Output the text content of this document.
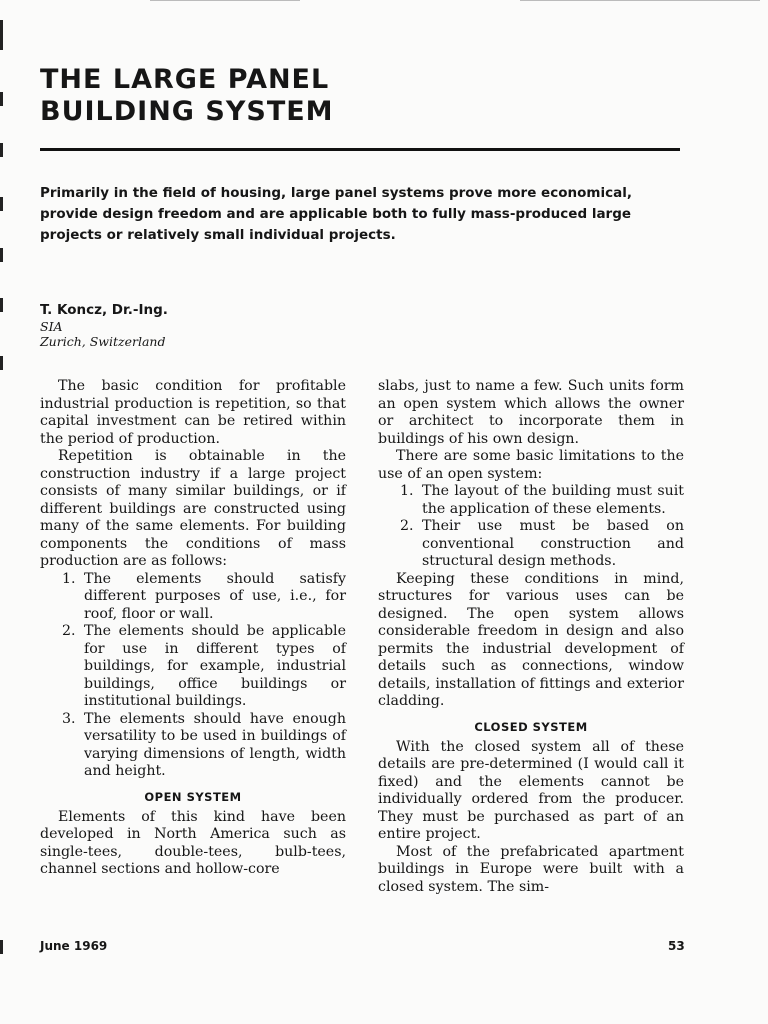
THE LARGE PANEL
BUILDING SYSTEM
Primarily in the field of housing, large panel systems prove more economical, provide design freedom and are applicable both to fully mass-produced large projects or relatively small individual projects.
T. Koncz, Dr.-Ing.
SIA
Zurich, Switzerland

The basic condition for profitable industrial production is repetition, so that capital investment can be retired within the period of production.

Repetition is obtainable in the construction industry if a large project consists of many similar buildings, or if different buildings are constructed using many of the same elements. For building components the conditions of mass production are as follows:

1. The elements should satisfy different purposes of use, i.e., for roof, floor or wall.
2. The elements should be applicable for use in different types of buildings, for example, industrial buildings, office buildings or institutional buildings.
3. The elements should have enough versatility to be used in buildings of varying dimensions of length, width and height.
OPEN SYSTEM

Elements of this kind have been developed in North America such as single-tees, double-tees, bulb-tees, channel sections and hollow-core

slabs, just to name a few. Such units form an open system which allows the owner or architect to incorporate them in buildings of his own design.

There are some basic limitations to the use of an open system:

1. The layout of the building must suit the application of these elements.
2. Their use must be based on conventional construction and structural design methods.

Keeping these conditions in mind, structures for various uses can be designed. The open system allows considerable freedom in design and also permits the industrial development of details such as connections, window details, installation of fittings and exterior cladding.

CLOSED SYSTEM

With the closed system all of these details are pre-determined (I would call it fixed) and the elements cannot be individually ordered from the producer. They must be purchased as part of an entire project.

Most of the prefabricated apartment buildings in Europe were built with a closed system. The sim-

June 1969	53
